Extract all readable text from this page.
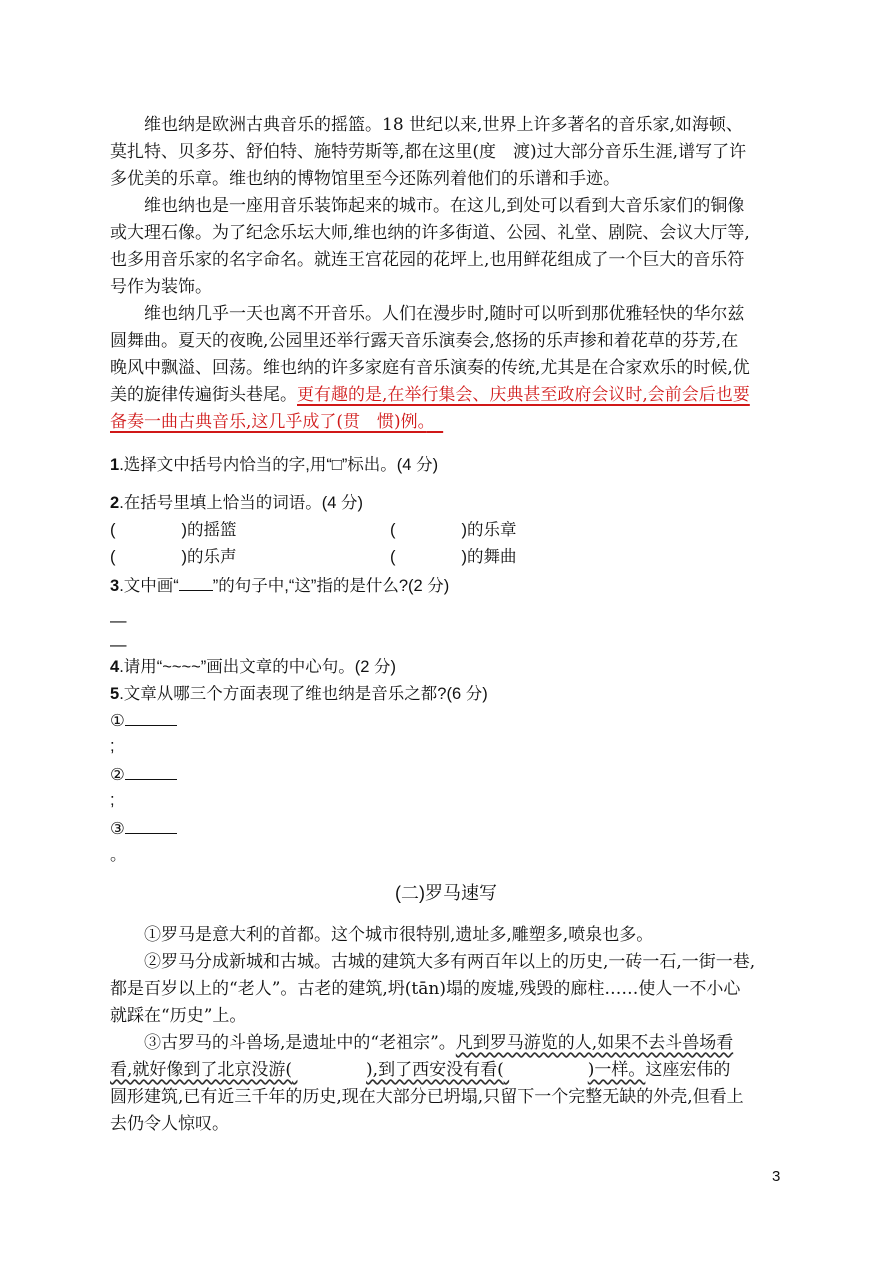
维也纳是欧洲古典音乐的摇篮。18 世纪以来,世界上许多著名的音乐家,如海顿、
莫扎特、贝多芬、舒伯特、施特劳斯等,都在这里(度　渡)过大部分音乐生涯,谱写了许
多优美的乐章。维也纳的博物馆里至今还陈列着他们的乐谱和手迹。
维也纳也是一座用音乐装饰起来的城市。在这儿,到处可以看到大音乐家们的铜像
或大理石像。为了纪念乐坛大师,维也纳的许多街道、公园、礼堂、剧院、会议大厅等,
也多用音乐家的名字命名。就连王宫花园的花坪上,也用鲜花组成了一个巨大的音乐符
号作为装饰。
维也纳几乎一天也离不开音乐。人们在漫步时,随时可以听到那优雅轻快的华尔兹
圆舞曲。夏天的夜晚,公园里还举行露天音乐演奏会,悠扬的乐声掺和着花草的芬芳,在
晚风中飘溢、回荡。维也纳的许多家庭有音乐演奏的传统,尤其是在合家欢乐的时候,优
美的旋律传遍街头巷尾。更有趣的是,在举行集会、庆典甚至政府会议时,会前会后也要
备奏一曲古典音乐,这几乎成了(贯　惯)例。　
1.选择文中括号内恰当的字,用“□”标出。(4 分)
2.在括号里填上恰当的词语。(4 分)
(　　　　)的摇篮	(　　　　)的乐章
(　　　　)的乐声	(　　　　)的舞曲
3.文中画“ ”的句子中,“这”指的是什么?(2 分)
—
—
4.请用“~~~~”画出文章的中心句。(2 分)
5.文章从哪三个方面表现了维也纳是音乐之都?(6 分)
①
;
②
;
③
。
(二)罗马速写
①罗马是意大利的首都。这个城市很特别,遗址多,雕塑多,喷泉也多。
②罗马分成新城和古城。古城的建筑大多有两百年以上的历史,一砖一石,一街一巷,
都是百岁以上的“老人”。古老的建筑,坍(tān)塌的废墟,残毁的廊柱……使人一不小心
就踩在“历史”上。
③古罗马的斗兽场,是遗址中的“老祖宗”。凡到罗马游览的人,如果不去斗兽场看
看,就好像到了北京没游(	),到了西安没有看(	)一样。这座宏伟的
圆形建筑,已有近三千年的历史,现在大部分已坍塌,只留下一个完整无缺的外壳,但看上
去仍令人惊叹。
3
